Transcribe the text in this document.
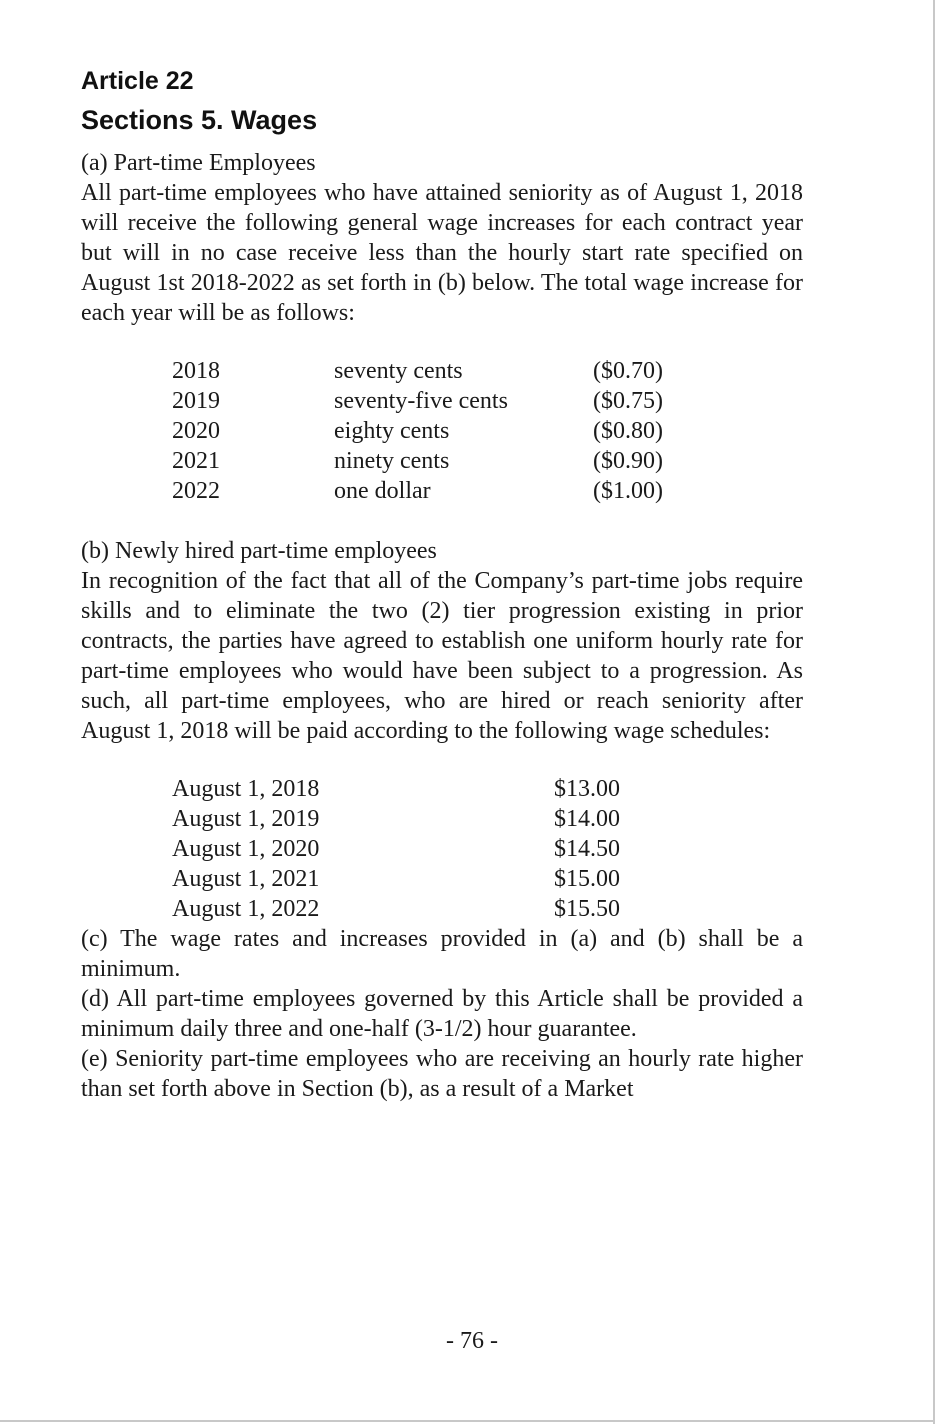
Article 22
Sections 5. Wages
(a) Part-time Employees

All part-time employees who have attained seniority as of August 1, 2018 will receive the following general wage increases for each contract year but will in no case receive less than the hourly start rate specified on August 1st 2018-2022 as set forth in (b) below. The total wage increase for each year will be as follows:

2018	seventy cents	($0.70)
2019	seventy-five cents	($0.75)
2020	eighty cents	($0.80)
2021	ninety cents	($0.90)
2022	one dollar	($1.00)
(b) Newly hired part-time employees

In recognition of the fact that all of the Company’s part-time jobs require skills and to eliminate the two (2) tier progression existing in prior contracts, the parties have agreed to establish one uniform hourly rate for part-time employees who would have been subject to a progression. As such, all part-time employees, who are hired or reach seniority after August 1, 2018 will be paid according to the following wage schedules:

August 1, 2018	$13.00
August 1, 2019	$14.00
August 1, 2020	$14.50
August 1, 2021	$15.00
August 1, 2022	$15.50

(c) The wage rates and increases provided in (a) and (b) shall be a minimum.

(d) All part-time employees governed by this Article shall be provided a minimum daily three and one-half (3-1/2) hour guarantee.

(e) Seniority part-time employees who are receiving an hourly rate higher than set forth above in Section (b), as a result of a Market

- 76 -
